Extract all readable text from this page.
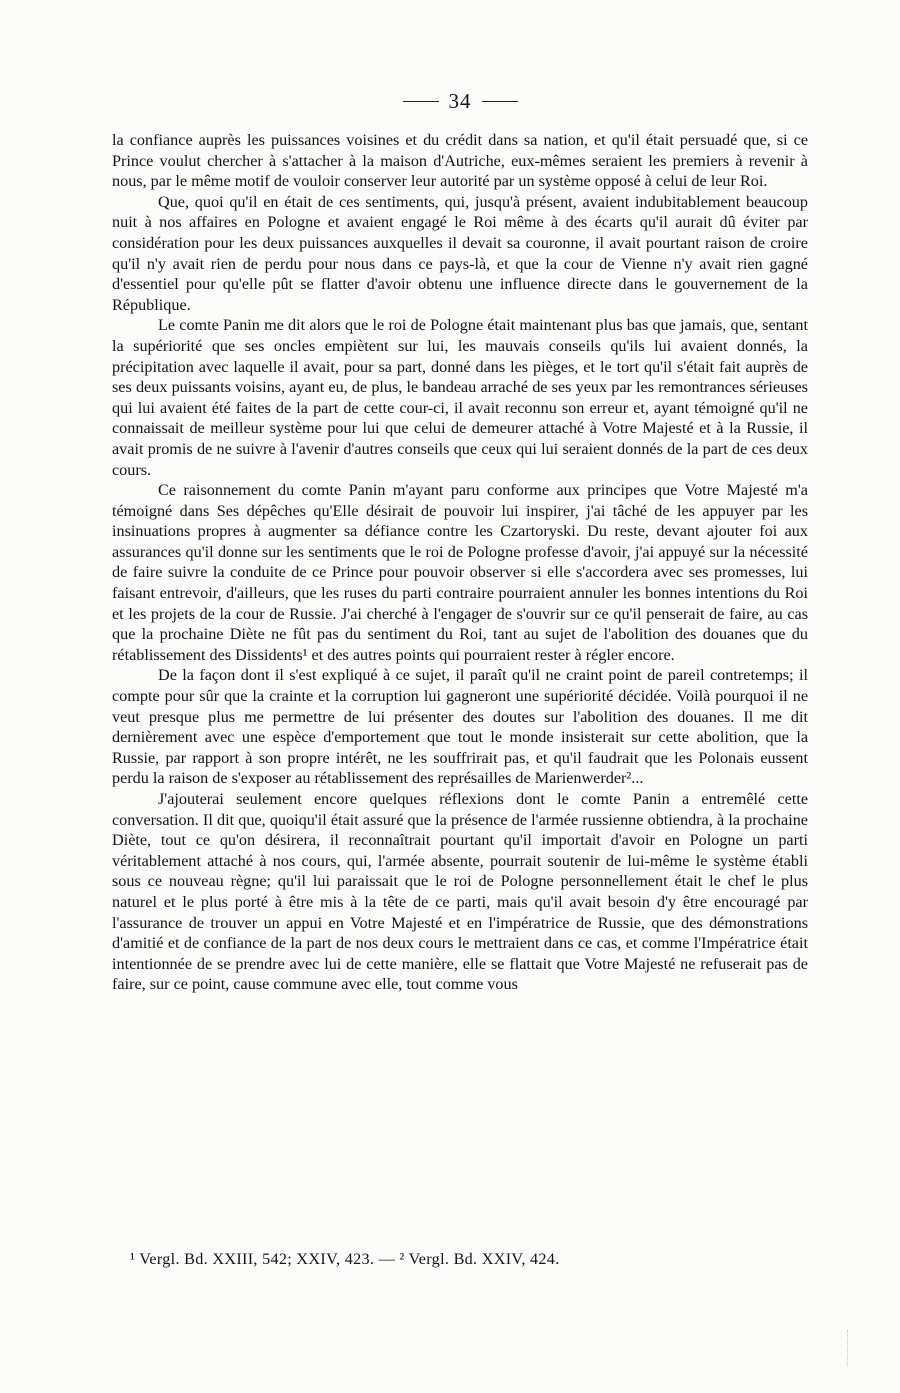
34

la confiance auprès les puissances voisines et du crédit dans sa nation, et qu'il était persuadé que, si ce Prince voulut chercher à s'attacher à la maison d'Autriche, eux-mêmes seraient les premiers à revenir à nous, par le même motif de vouloir conserver leur autorité par un système opposé à celui de leur Roi.

Que, quoi qu'il en était de ces sentiments, qui, jusqu'à présent, avaient indubitablement beaucoup nuit à nos affaires en Pologne et avaient engagé le Roi même à des écarts qu'il aurait dû éviter par considération pour les deux puissances auxquelles il devait sa couronne, il avait pourtant raison de croire qu'il n'y avait rien de perdu pour nous dans ce pays-là, et que la cour de Vienne n'y avait rien gagné d'essentiel pour qu'elle pût se flatter d'avoir obtenu une influence directe dans le gouvernement de la République.

Le comte Panin me dit alors que le roi de Pologne était maintenant plus bas que jamais, que, sentant la supériorité que ses oncles empiètent sur lui, les mauvais conseils qu'ils lui avaient donnés, la précipitation avec laquelle il avait, pour sa part, donné dans les pièges, et le tort qu'il s'était fait auprès de ses deux puissants voisins, ayant eu, de plus, le bandeau arraché de ses yeux par les remontrances sérieuses qui lui avaient été faites de la part de cette cour-ci, il avait reconnu son erreur et, ayant témoigné qu'il ne connaissait de meilleur système pour lui que celui de demeurer attaché à Votre Majesté et à la Russie, il avait promis de ne suivre à l'avenir d'autres conseils que ceux qui lui seraient donnés de la part de ces deux cours.

Ce raisonnement du comte Panin m'ayant paru conforme aux principes que Votre Majesté m'a témoigné dans Ses dépêches qu'Elle désirait de pouvoir lui inspirer, j'ai tâché de les appuyer par les insinuations propres à augmenter sa défiance contre les Czartoryski. Du reste, devant ajouter foi aux assurances qu'il donne sur les sentiments que le roi de Pologne professe d'avoir, j'ai appuyé sur la nécessité de faire suivre la conduite de ce Prince pour pouvoir observer si elle s'accordera avec ses promesses, lui faisant entrevoir, d'ailleurs, que les ruses du parti contraire pourraient annuler les bonnes intentions du Roi et les projets de la cour de Russie. J'ai cherché à l'engager de s'ouvrir sur ce qu'il penserait de faire, au cas que la prochaine Diète ne fût pas du sentiment du Roi, tant au sujet de l'abolition des douanes que du rétablissement des Dissidents¹ et des autres points qui pourraient rester à régler encore.

De la façon dont il s'est expliqué à ce sujet, il paraît qu'il ne craint point de pareil contretemps; il compte pour sûr que la crainte et la corruption lui gagneront une supériorité décidée. Voilà pourquoi il ne veut presque plus me permettre de lui présenter des doutes sur l'abolition des douanes. Il me dit dernièrement avec une espèce d'emportement que tout le monde insisterait sur cette abolition, que la Russie, par rapport à son propre intérêt, ne les souffrirait pas, et qu'il faudrait que les Polonais eussent perdu la raison de s'exposer au rétablissement des représailles de Marienwerder²...

J'ajouterai seulement encore quelques réflexions dont le comte Panin a entremêlé cette conversation. Il dit que, quoiqu'il était assuré que la présence de l'armée russienne obtiendra, à la prochaine Diète, tout ce qu'on désirera, il reconnaîtrait pourtant qu'il importait d'avoir en Pologne un parti véritablement attaché à nos cours, qui, l'armée absente, pourrait soutenir de lui-même le système établi sous ce nouveau règne; qu'il lui paraissait que le roi de Pologne personnellement était le chef le plus naturel et le plus porté à être mis à la tête de ce parti, mais qu'il avait besoin d'y être encouragé par l'assurance de trouver un appui en Votre Majesté et en l'impératrice de Russie, que des démonstrations d'amitié et de confiance de la part de nos deux cours le mettraient dans ce cas, et comme l'Impératrice était intentionnée de se prendre avec lui de cette manière, elle se flattait que Votre Majesté ne refuserait pas de faire, sur ce point, cause commune avec elle, tout comme vous

¹ Vergl. Bd. XXIII, 542; XXIV, 423. — ² Vergl. Bd. XXIV, 424.
